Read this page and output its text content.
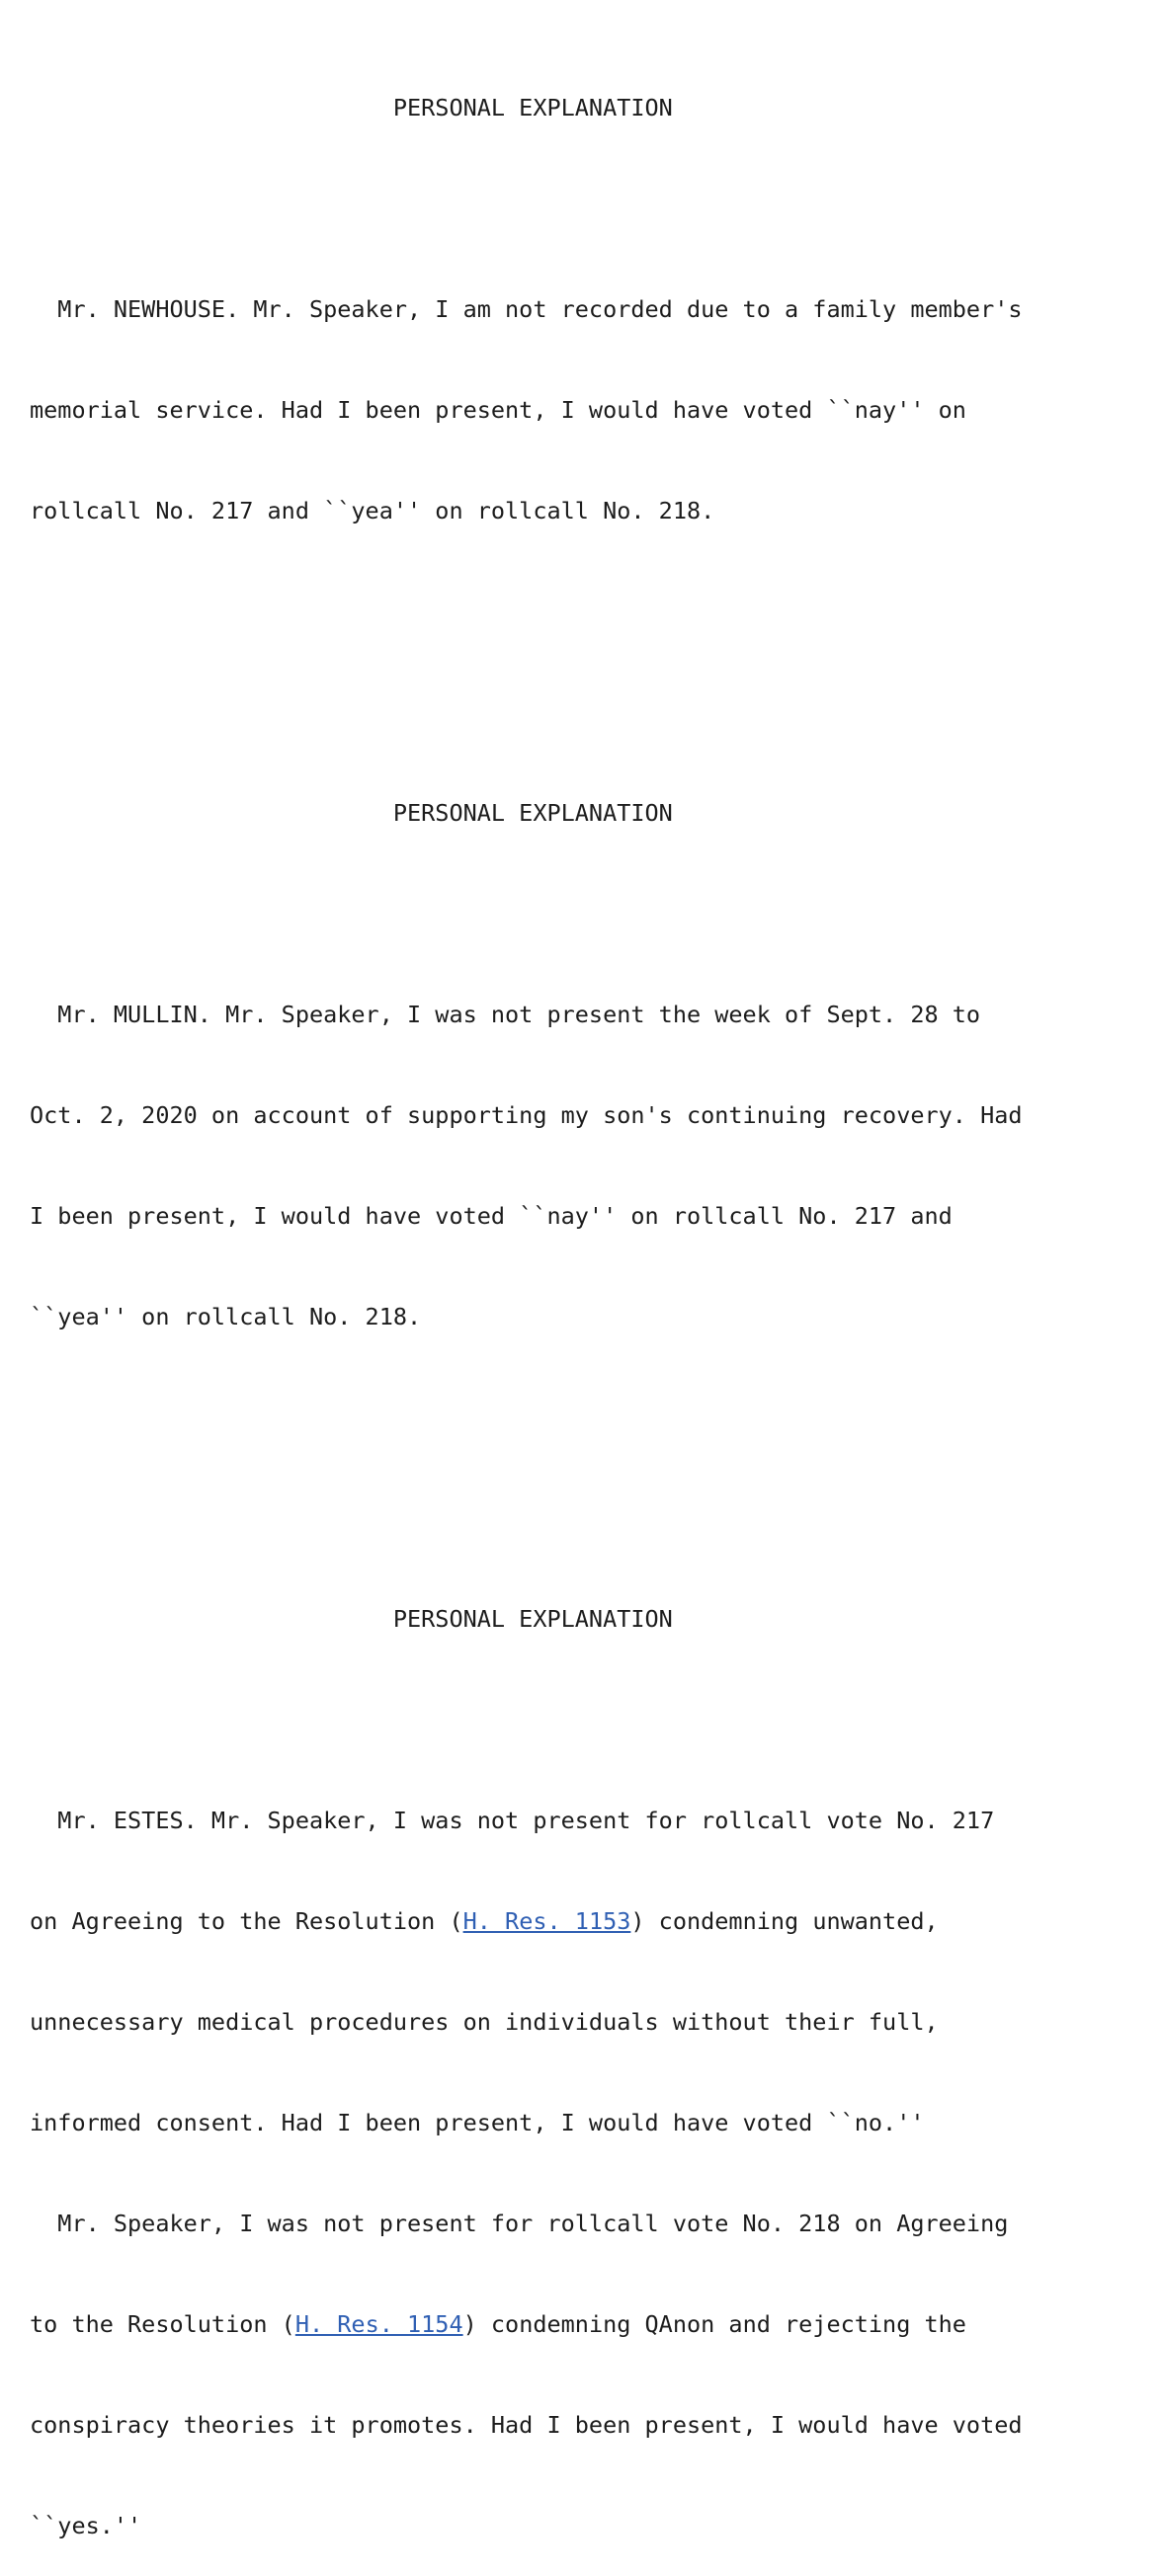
PERSONAL EXPLANATION

Mr. NEWHOUSE. Mr. Speaker, I am not recorded due to a family member's

memorial service. Had I been present, I would have voted ``nay'' on

rollcall No. 217 and ``yea'' on rollcall No. 218.

PERSONAL EXPLANATION

Mr. MULLIN. Mr. Speaker, I was not present the week of Sept. 28 to

Oct. 2, 2020 on account of supporting my son's continuing recovery. Had

I been present, I would have voted ``nay'' on rollcall No. 217 and

``yea'' on rollcall No. 218.

PERSONAL EXPLANATION

Mr. ESTES. Mr. Speaker, I was not present for rollcall vote No. 217

on Agreeing to the Resolution (H. Res. 1153) condemning unwanted,

unnecessary medical procedures on individuals without their full,

informed consent. Had I been present, I would have voted ``no.''

Mr. Speaker, I was not present for rollcall vote No. 218 on Agreeing

to the Resolution (H. Res. 1154) condemning QAnon and rejecting the

conspiracy theories it promotes. Had I been present, I would have voted

``yes.''
